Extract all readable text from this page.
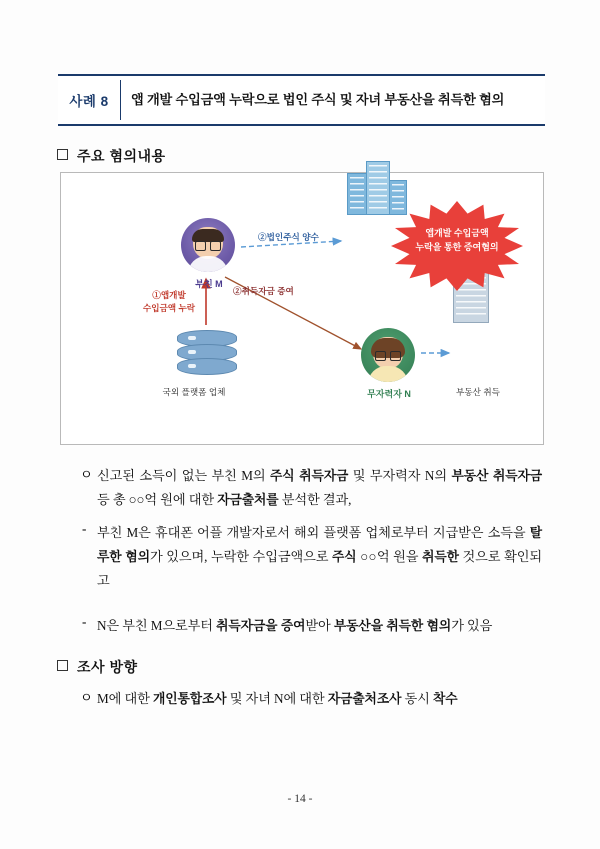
사례 8	앱 개발 수입금액 누락으로 법인 주식 및 자녀 부동산을 취득한 혐의
주요 혐의내용
부친 M
무자력자 N
국외 플랫폼 업체	부동산 취득
앱개발 수입금액
누락을 통한 증여혐의
②법인주식 양수
②취득자금 증여
①앱개발
수입금액 누락
ㅇ 신고된 소득이 없는 부친 M의 주식 취득자금 및 무자력자 N의 부동산 취득자금 등 총 ○○억 원에 대한 자금출처를 분석한 결과,
- 부친 M은 휴대폰 어플 개발자로서 해외 플랫폼 업체로부터 지급받은 소득을 탈루한 혐의가 있으며, 누락한 수입금액으로 주식 ○○억 원을 취득한 것으로 확인되고
- N은 부친 M으로부터 취득자금을 증여받아 부동산을 취득한 혐의가 있음
조사 방향
ㅇ M에 대한 개인통합조사 및 자녀 N에 대한 자금출처조사 동시 착수
- 14 -
